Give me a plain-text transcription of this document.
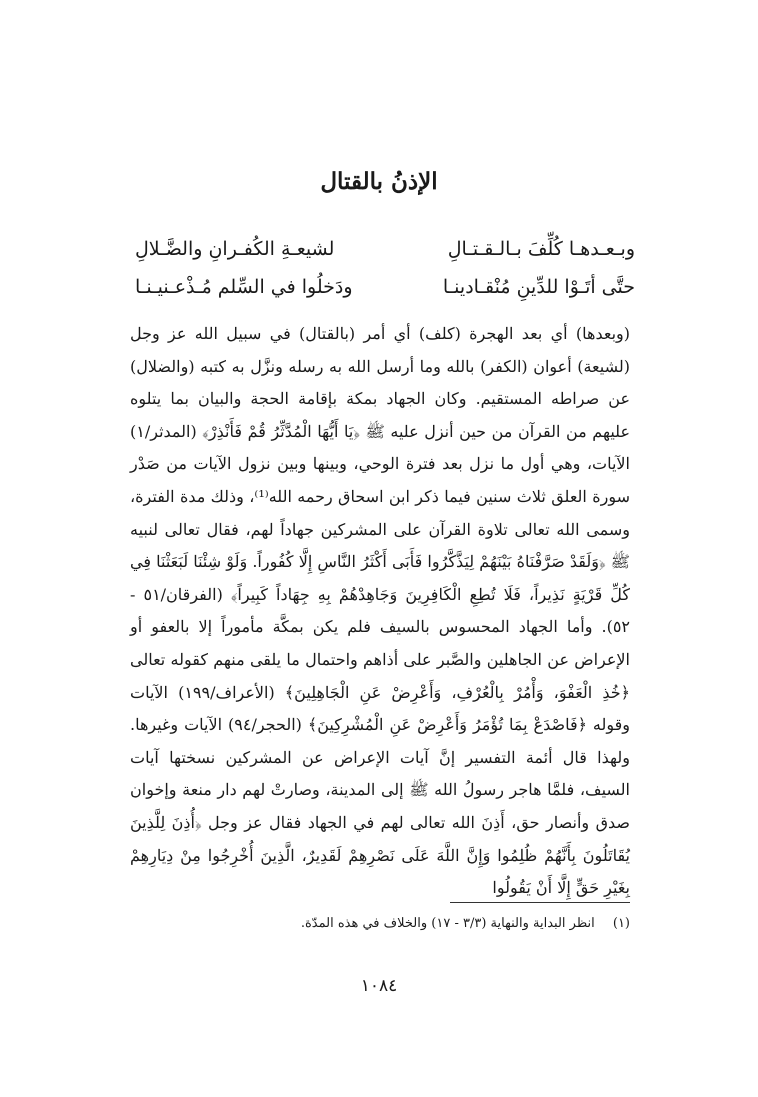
الإذنُ بالقتال
وبـعـدهـا كُلِّفَ بـالـقـتـالِ
لشيعـةِ الكُفـرانِ والضَّـلالِ
حتَّى أتَـوْا للدِّينِ مُنْقـادينـا
ودَخلُوا في السِّلم مُـذْعـنيـنـا

(وبعدها) أي بعد الهجرة (كلف) أي أمر (بالقتال) في سبيل الله عز وجل (لشيعة) أعوان (الكفر) بالله وما أرسل الله به رسله ونزَّل به كتبه (والضلال) عن صراطه المستقيم. وكان الجهاد بمكة بإقامة الحجة والبيان بما يتلوه عليهم من القرآن من حين أنزل عليه ﷺ ﴿يَا أَيُّهَا الْمُدَّثِّرُ قُمْ فَأَنْذِرْ﴾ (المدثر/١) الآيات، وهي أول ما نزل بعد فترة الوحي، وبينها وبين نزول الآيات من صَدْر سورة العلق ثلاث سنين فيما ذكر ابن اسحاق رحمه الله⁽¹⁾، وذلك مدة الفترة، وسمى الله تعالى تلاوة القرآن على المشركين جهاداً لهم، فقال تعالى لنبيه ﷺ ﴿وَلَقَدْ صَرَّفْنَاهُ بَيْنَهُمْ لِيَذَّكَّرُوا فَأَبَى أَكْثَرُ النَّاسِ إِلَّا كُفُوراً. وَلَوْ شِئْنَا لَبَعَثْنَا فِي كُلِّ قَرْيَةٍ نَذِيراً، فَلَا تُطِعِ الْكَافِرِينَ وَجَاهِدْهُمْ بِهِ جِهَاداً كَبِيراً﴾ (الفرقان/٥١ - ٥٢). وأما الجهاد المحسوس بالسيف فلم يكن بمكَّة مأموراً إلا بالعفو أو الإعراض عن الجاهلين والصَّبر على أذاهم واحتمال ما يلقى منهم كقوله تعالى ﴿خُذِ الْعَفْوَ، وَأْمُرْ بِالْعُرْفِ، وَأَعْرِضْ عَنِ الْجَاهِلِينَ﴾ (الأعراف/١٩٩) الآيات وقوله ﴿فَاصْدَعْ بِمَا تُؤْمَرُ وَأَعْرِضْ عَنِ الْمُشْرِكِينَ﴾ (الحجر/٩٤) الآيات وغيرها. ولهذا قال أئمة التفسير إنَّ آيات الإعراض عن المشركين نسختها آيات السيف، فلمَّا هاجر رسولُ الله ﷺ إلى المدينة، وصارتْ لهم دار منعة وإخوان صدق وأنصار حق، أَذِنَ الله تعالى لهم في الجهاد فقال عز وجل ﴿أُذِنَ لِلَّذِينَ يُقَاتَلُونَ بِأَنَّهُمْ ظُلِمُوا وَإِنَّ اللَّهَ عَلَى نَصْرِهِمْ لَقَدِيرٌ، الَّذِينَ أُخْرِجُوا مِنْ دِيَارِهِمْ بِغَيْرِ حَقٍّ إِلَّا أَنْ يَقُولُوا

(١) انظر البداية والنهاية (٣/٣ - ١٧) والخلاف في هذه المدّة.
١٠٨٤
